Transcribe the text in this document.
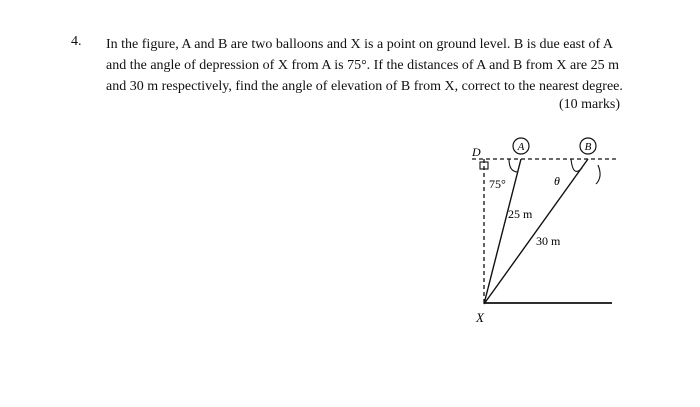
4. In the figure, A and B are two balloons and X is a point on ground level. B is due east of A

and the angle of depression of X from A is 75°. If the distances of A and B from X are 25 m

and 30 m respectively, find the angle of elevation of B from X, correct to the nearest degree.

(10 marks)
A	B
D
X
75°	θ
25 m
30 m
